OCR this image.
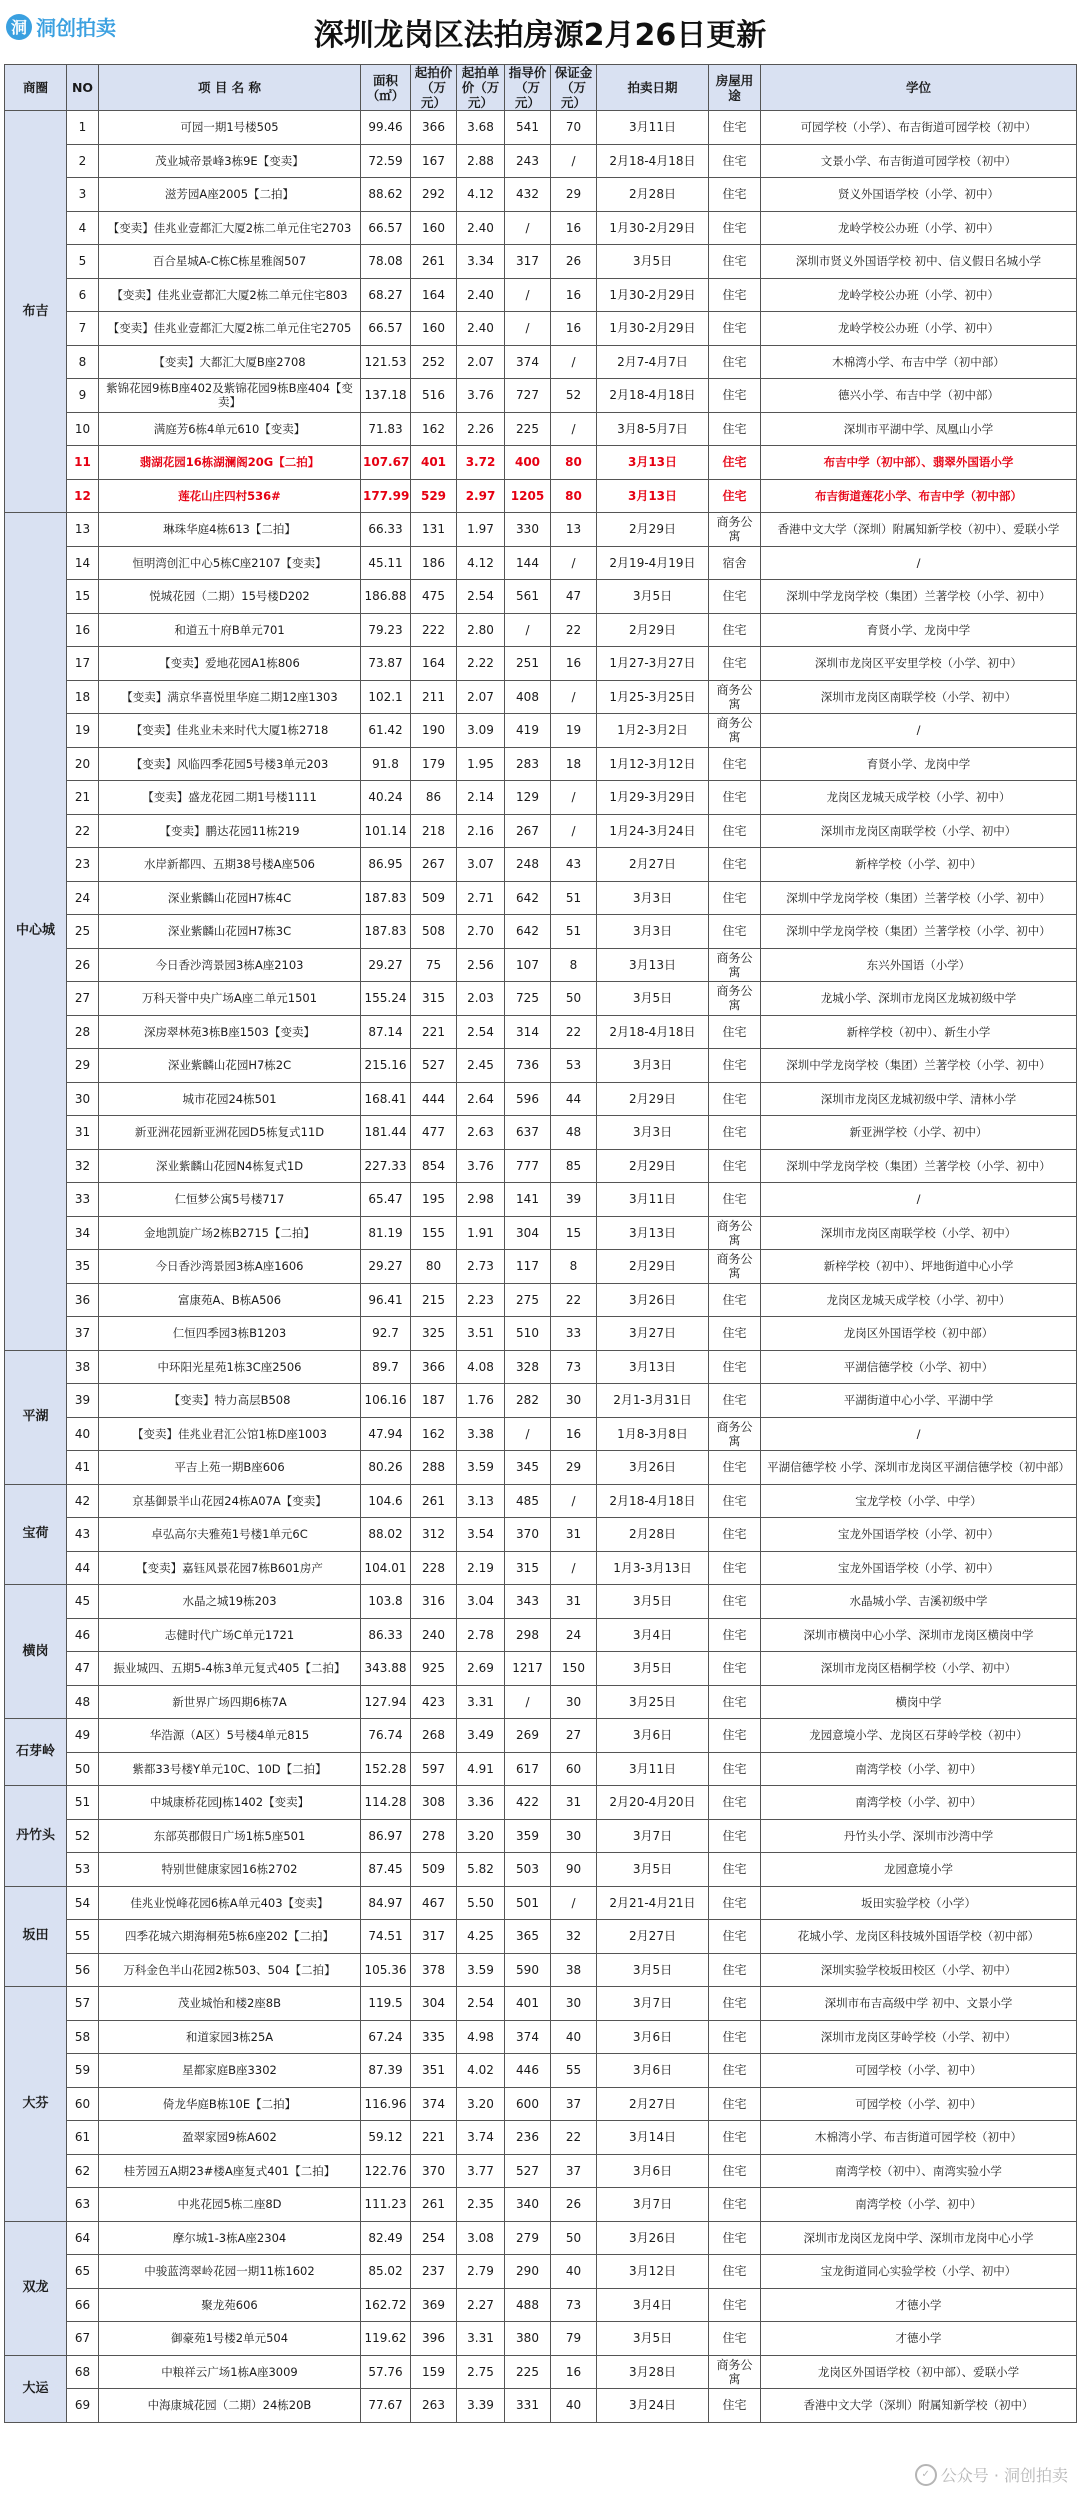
洞 洞创拍卖	深圳龙岗区法拍房源2月26日更新
商圈	NO	项 目 名 称	面积（㎡）	起拍价（万元）	起拍单价（万元）	指导价（万元）	保证金（万元）	拍卖日期	房屋用途	学位
布吉	1	可园一期1号楼505	99.46	366	3.68	541	70	3月11日	住宅	可园学校（小学）、布吉街道可园学校（初中）
	2	茂业城帝景峰3栋9E【变卖】	72.59	167	2.88	243	/	2月18-4月18日	住宅	文景小学、布吉街道可园学校（初中）
	3	滋芳园A座2005【二拍】	88.62	292	4.12	432	29	2月28日	住宅	贤义外国语学校（小学、初中）
	4	【变卖】佳兆业壹都汇大厦2栋二单元住宅2703	66.57	160	2.40	/	16	1月30-2月29日	住宅	龙岭学校公办班（小学、初中）
	5	百合星城A-C栋C栋星雅阁507	78.08	261	3.34	317	26	3月5日	住宅	深圳市贤义外国语学校 初中、信义假日名城小学
	6	【变卖】佳兆业壹都汇大厦2栋二单元住宅803	68.27	164	2.40	/	16	1月30-2月29日	住宅	龙岭学校公办班（小学、初中）
	7	【变卖】佳兆业壹都汇大厦2栋二单元住宅2705	66.57	160	2.40	/	16	1月30-2月29日	住宅	龙岭学校公办班（小学、初中）
	8	【变卖】大都汇大厦B座2708	121.53	252	2.07	374	/	2月7-4月7日	住宅	木棉湾小学、布吉中学（初中部）
	9	紫锦花园9栋B座402及紫锦花园9栋B座404【变卖】	137.18	516	3.76	727	52	2月18-4月18日	住宅	德兴小学、布吉中学（初中部）
	10	满庭芳6栋4单元610【变卖】	71.83	162	2.26	225	/	3月8-5月7日	住宅	深圳市平湖中学、凤凰山小学
	11	翡湖花园16栋湖澜阁20G【二拍】	107.67	401	3.72	400	80	3月13日	住宅	布吉中学（初中部）、翡翠外国语小学
	12	莲花山庄四村536#	177.99	529	2.97	1205	80	3月13日	住宅	布吉街道莲花小学、布吉中学（初中部）
中心城	13	琳珠华庭4栋613【二拍】	66.33	131	1.97	330	13	2月29日	商务公寓	香港中文大学（深圳）附属知新学校（初中）、爱联小学
	14	恒明湾创汇中心5栋C座2107【变卖】	45.11	186	4.12	144	/	2月19-4月19日	宿舍	/
	15	悦城花园（二期）15号楼D202	186.88	475	2.54	561	47	3月5日	住宅	深圳中学龙岗学校（集团）兰著学校（小学、初中）
	16	和道五十府B单元701	79.23	222	2.80	/	22	2月29日	住宅	育贤小学、龙岗中学
	17	【变卖】爱地花园A1栋806	73.87	164	2.22	251	16	1月27-3月27日	住宅	深圳市龙岗区平安里学校（小学、初中）
	18	【变卖】满京华喜悦里华庭二期12座1303	102.1	211	2.07	408	/	1月25-3月25日	商务公寓	深圳市龙岗区南联学校（小学、初中）
	19	【变卖】佳兆业未来时代大厦1栋2718	61.42	190	3.09	419	19	1月2-3月2日	商务公寓	/
	20	【变卖】风临四季花园5号楼3单元203	91.8	179	1.95	283	18	1月12-3月12日	住宅	育贤小学、龙岗中学
	21	【变卖】盛龙花园二期1号楼1111	40.24	86	2.14	129	/	1月29-3月29日	住宅	龙岗区龙城天成学校（小学、初中）
	22	【变卖】鹏达花园11栋219	101.14	218	2.16	267	/	1月24-3月24日	住宅	深圳市龙岗区南联学校（小学、初中）
	23	水岸新都四、五期38号楼A座506	86.95	267	3.07	248	43	2月27日	住宅	新梓学校（小学、初中）
	24	深业紫麟山花园H7栋4C	187.83	509	2.71	642	51	3月3日	住宅	深圳中学龙岗学校（集团）兰著学校（小学、初中）
	25	深业紫麟山花园H7栋3C	187.83	508	2.70	642	51	3月3日	住宅	深圳中学龙岗学校（集团）兰著学校（小学、初中）
	26	今日香沙湾景园3栋A座2103	29.27	75	2.56	107	8	3月13日	商务公寓	东兴外国语（小学）
	27	万科天誉中央广场A座二单元1501	155.24	315	2.03	725	50	3月5日	商务公寓	龙城小学、深圳市龙岗区龙城初级中学
	28	深房翠林苑3栋B座1503【变卖】	87.14	221	2.54	314	22	2月18-4月18日	住宅	新梓学校（初中）、新生小学
	29	深业紫麟山花园H7栋2C	215.16	527	2.45	736	53	3月3日	住宅	深圳中学龙岗学校（集团）兰著学校（小学、初中）
	30	城市花园24栋501	168.41	444	2.64	596	44	2月29日	住宅	深圳市龙岗区龙城初级中学、清林小学
	31	新亚洲花园新亚洲花园D5栋复式11D	181.44	477	2.63	637	48	3月3日	住宅	新亚洲学校（小学、初中）
	32	深业紫麟山花园N4栋复式1D	227.33	854	3.76	777	85	2月29日	住宅	深圳中学龙岗学校（集团）兰著学校（小学、初中）
	33	仁恒梦公寓5号楼717	65.47	195	2.98	141	39	3月11日	住宅	/
	34	金地凯旋广场2栋B2715【二拍】	81.19	155	1.91	304	15	3月13日	商务公寓	深圳市龙岗区南联学校（小学、初中）
	35	今日香沙湾景园3栋A座1606	29.27	80	2.73	117	8	2月29日	商务公寓	新梓学校（初中）、坪地街道中心小学
	36	富康苑A、B栋A506	96.41	215	2.23	275	22	3月26日	住宅	龙岗区龙城天成学校（小学、初中）
	37	仁恒四季园3栋B1203	92.7	325	3.51	510	33	3月27日	住宅	龙岗区外国语学校（初中部）
平湖	38	中环阳光星苑1栋3C座2506	89.7	366	4.08	328	73	3月13日	住宅	平湖信德学校（小学、初中）
	39	【变卖】特力高层B508	106.16	187	1.76	282	30	2月1-3月31日	住宅	平湖街道中心小学、平湖中学
	40	【变卖】佳兆业君汇公馆1栋D座1003	47.94	162	3.38	/	16	1月8-3月8日	商务公寓	/
	41	平吉上苑一期B座606	80.26	288	3.59	345	29	3月26日	住宅	平湖信德学校 小学、深圳市龙岗区平湖信德学校（初中部）
宝荷	42	京基御景半山花园24栋A07A【变卖】	104.6	261	3.13	485	/	2月18-4月18日	住宅	宝龙学校（小学、中学）
	43	卓弘高尔夫雅苑1号楼1单元6C	88.02	312	3.54	370	31	2月28日	住宅	宝龙外国语学校（小学、初中）
	44	【变卖】嘉钰风景花园7栋B601房产	104.01	228	2.19	315	/	1月3-3月13日	住宅	宝龙外国语学校（小学、初中）
横岗	45	水晶之城19栋203	103.8	316	3.04	343	31	3月5日	住宅	水晶城小学、吉溪初级中学
	46	志健时代广场C单元1721	86.33	240	2.78	298	24	3月4日	住宅	深圳市横岗中心小学、深圳市龙岗区横岗中学
	47	振业城四、五期5-4栋3单元复式405【二拍】	343.88	925	2.69	1217	150	3月5日	住宅	深圳市龙岗区梧桐学校（小学、初中）
	48	新世界广场四期6栋7A	127.94	423	3.31	/	30	3月25日	住宅	横岗中学
石芽岭	49	华浩源（A区）5号楼4单元815	76.74	268	3.49	269	27	3月6日	住宅	龙园意境小学、龙岗区石芽岭学校（初中）
	50	紫都33号楼Y单元10C、10D【二拍】	152.28	597	4.91	617	60	3月11日	住宅	南湾学校（小学、初中）
丹竹头	51	中城康桥花园J栋1402【变卖】	114.28	308	3.36	422	31	2月20-4月20日	住宅	南湾学校（小学、初中）
	52	东部英郡假日广场1栋5座501	86.97	278	3.20	359	30	3月7日	住宅	丹竹头小学、深圳市沙湾中学
	53	特别世健康家园16栋2702	87.45	509	5.82	503	90	3月5日	住宅	龙园意境小学
坂田	54	佳兆业悦峰花园6栋A单元403【变卖】	84.97	467	5.50	501	/	2月21-4月21日	住宅	坂田实验学校（小学）
	55	四季花城六期海桐苑5栋6座202【二拍】	74.51	317	4.25	365	32	2月27日	住宅	花城小学、龙岗区科技城外国语学校（初中部）
	56	万科金色半山花园2栋503、504【二拍】	105.36	378	3.59	590	38	3月5日	住宅	深圳实验学校坂田校区（小学、初中）
大芬	57	茂业城怡和楼2座8B	119.5	304	2.54	401	30	3月7日	住宅	深圳市布吉高级中学 初中、文景小学
	58	和道家园3栋25A	67.24	335	4.98	374	40	3月6日	住宅	深圳市龙岗区芽岭学校（小学、初中）
	59	星都家庭B座3302	87.39	351	4.02	446	55	3月6日	住宅	可园学校（小学、初中）
	60	倚龙华庭B栋10E【二拍】	116.96	374	3.20	600	37	2月27日	住宅	可园学校（小学、初中）
	61	盈翠家园9栋A602	59.12	221	3.74	236	22	3月14日	住宅	木棉湾小学、布吉街道可园学校（初中）
	62	桂芳园五A期23#楼A座复式401【二拍】	122.76	370	3.77	527	37	3月6日	住宅	南湾学校（初中）、南湾实验小学
	63	中兆花园5栋二座8D	111.23	261	2.35	340	26	3月7日	住宅	南湾学校（小学、初中）
双龙	64	摩尔城1-3栋A座2304	82.49	254	3.08	279	50	3月26日	住宅	深圳市龙岗区龙岗中学、深圳市龙岗中心小学
	65	中骏蓝湾翠岭花园一期11栋1602	85.02	237	2.79	290	40	3月12日	住宅	宝龙街道同心实验学校（小学、初中）
	66	聚龙苑606	162.72	369	2.27	488	73	3月4日	住宅	才德小学
	67	御豪苑1号楼2单元504	119.62	396	3.31	380	79	3月5日	住宅	才德小学
大运	68	中粮祥云广场1栋A座3009	57.76	159	2.75	225	16	3月28日	商务公寓	龙岗区外国语学校（初中部）、爱联小学
	69	中海康城花园（二期）24栋20B	77.67	263	3.39	331	40	3月24日	住宅	香港中文大学（深圳）附属知新学校（初中）
✓ 公众号 · 洞创拍卖
